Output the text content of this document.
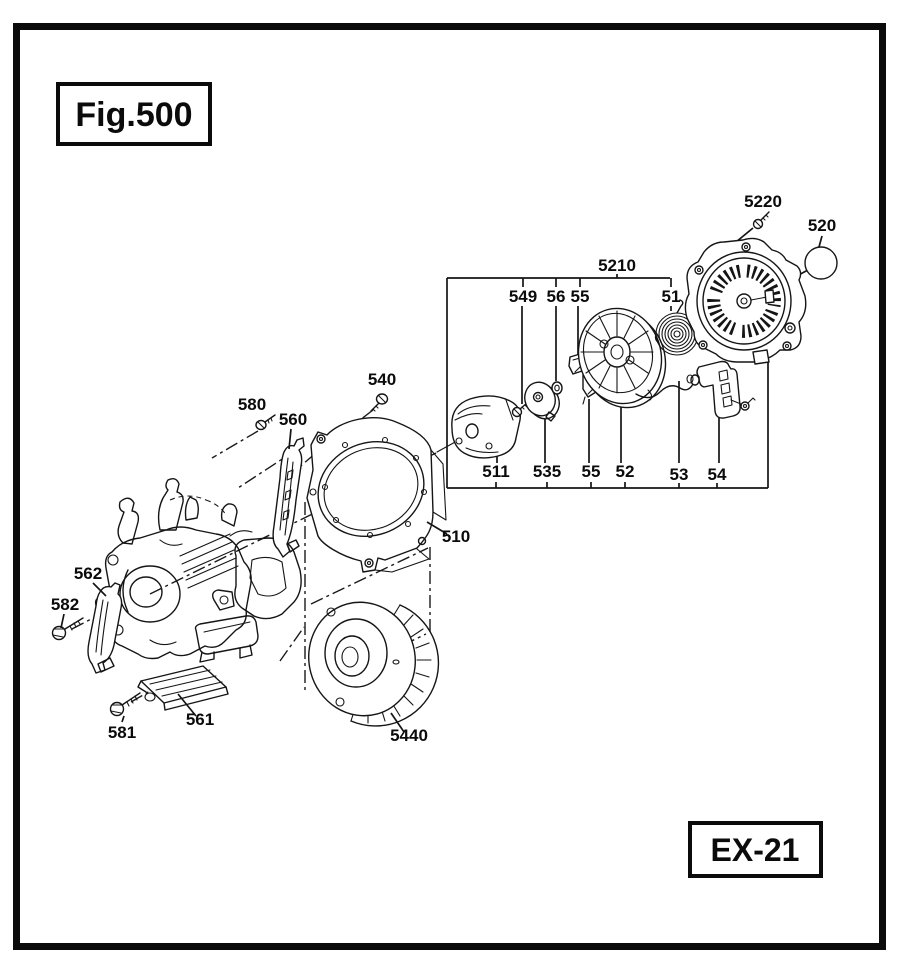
Fig.500
EX-21
5220
520
5210
549 56 55	51
511 535 55 52 53 54
540
580
560
510
5440
562
582
561
581
